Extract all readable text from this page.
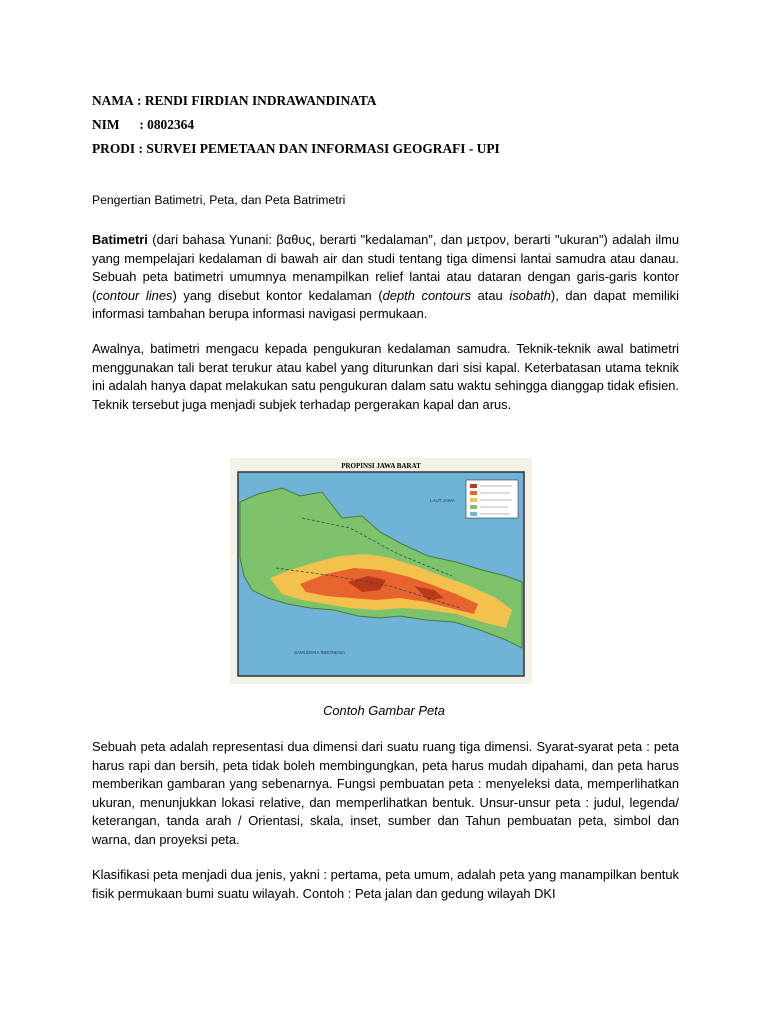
NAMA : RENDI FIRDIAN INDRAWANDINATA
NIM : 0802364
PRODI : SURVEI PEMETAAN DAN INFORMASI GEOGRAFI - UPI
Pengertian Batimetri, Peta, dan Peta Batrimetri

Batimetri (dari bahasa Yunani: βαθυς, berarti "kedalaman", dan μετρον, berarti "ukuran") adalah ilmu yang mempelajari kedalaman di bawah air dan studi tentang tiga dimensi lantai samudra atau danau. Sebuah peta batimetri umumnya menampilkan relief lantai atau dataran dengan garis-garis kontor (contour lines) yang disebut kontor kedalaman (depth contours atau isobath), dan dapat memiliki informasi tambahan berupa informasi navigasi permukaan.

Awalnya, batimetri mengacu kepada pengukuran kedalaman samudra. Teknik-teknik awal batimetri menggunakan tali berat terukur atau kabel yang diturunkan dari sisi kapal. Keterbatasan utama teknik ini adalah hanya dapat melakukan satu pengukuran dalam satu waktu sehingga dianggap tidak efisien. Teknik tersebut juga menjadi subjek terhadap pergerakan kapal dan arus.

PROPINSI JAWA BARAT
LAUT JAWA
SAMUDERA INDONESIA
Contoh Gambar Peta

Sebuah peta adalah representasi dua dimensi dari suatu ruang tiga dimensi. Syarat-syarat peta : peta harus rapi dan bersih, peta tidak boleh membingungkan, peta harus mudah dipahami, dan peta harus memberikan gambaran yang sebenarnya. Fungsi pembuatan peta : menyeleksi data, memperlihatkan ukuran, menunjukkan lokasi relative, dan memperlihatkan bentuk. Unsur-unsur peta : judul, legenda/ keterangan, tanda arah / Orientasi, skala, inset, sumber dan Tahun pembuatan peta, simbol dan warna, dan proyeksi peta.

Klasifikasi peta menjadi dua jenis, yakni : pertama, peta umum, adalah peta yang manampilkan bentuk fisik permukaan bumi suatu wilayah. Contoh : Peta jalan dan gedung wilayah DKI
